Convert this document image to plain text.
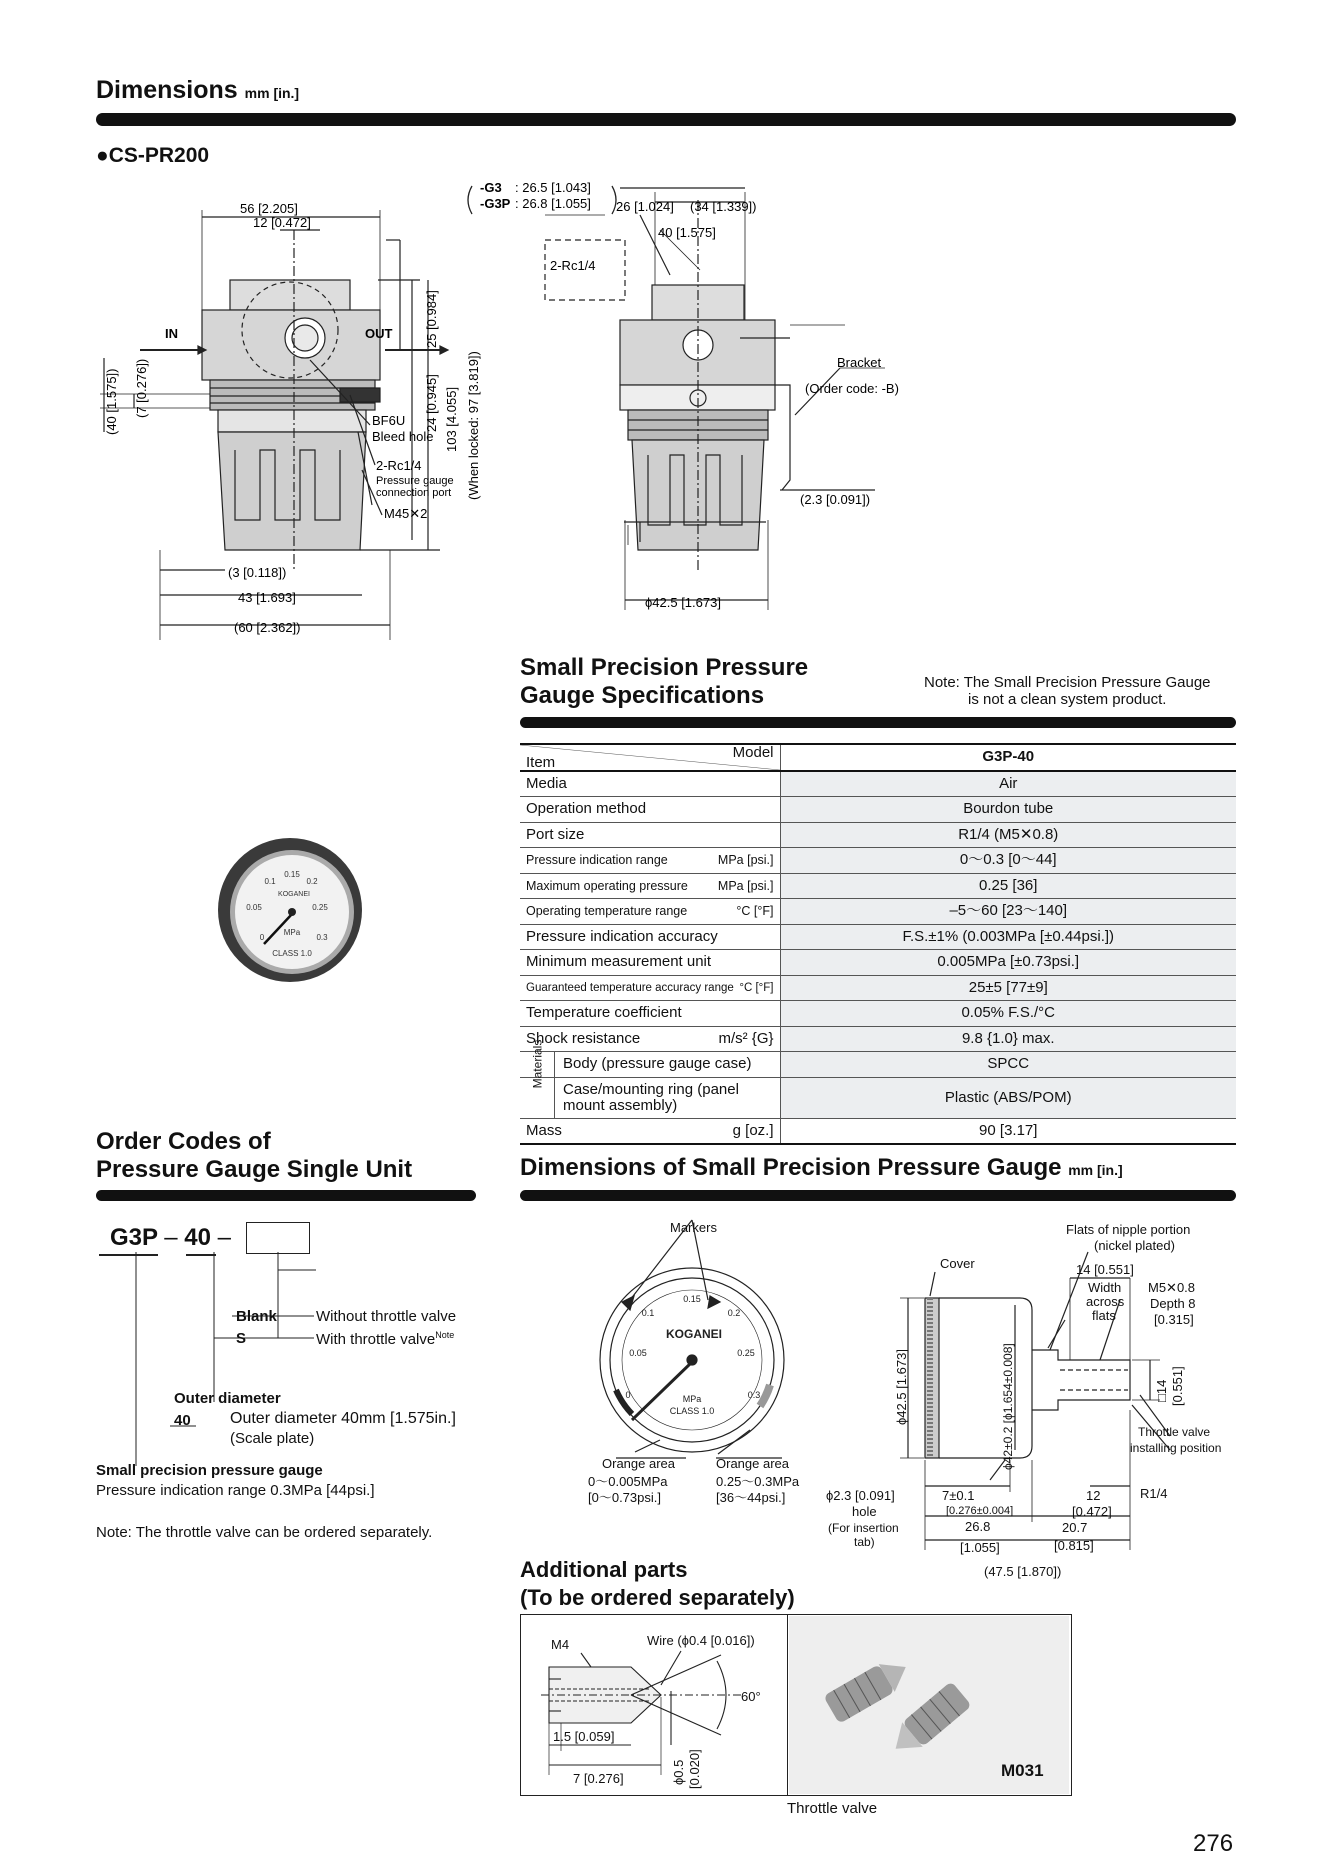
Dimensions mm [in.]
●CS-PR200
-G3 : 26.5 [1.043]
-G3P : 26.8 [1.055]
56 [2.205]
12 [0.472]
IN	OUT 25 [0.984]
24 [0.945] 103 [4.055] (When locked: 97 [3.819])
(40 [1.575]) (7 [0.276])
BF6U
Bleed hole
2-Rc1/4
Pressure gauge
connection port
M45✕2
(3 [0.118])
43 [1.693]
(60 [2.362])
26 [1.024] (34 [1.339])
40 [1.575]
2-Rc1/4
Bracket
(Order code: -B)
(2.3 [0.091])
ϕ42.5 [1.673]
0.15
0.1	0.2
0.05	0.25
0	0.3
MPa
CLASS 1.0
KOGANEI
Small Precision Pressure
Gauge Specifications	Note: The Small Precision Pressure Gauge
is not a clean system product.
Item
Model	G3P-40
Media	Air
Operation method	Bourdon tube
Port size	R1/4 (M5✕0.8)
Pressure indication range MPa [psi.]	0～0.3 [0～44]
Maximum operating pressure MPa [psi.]	0.25 [36]
Operating temperature range °C [°F]	–5～60 [23～140]
Pressure indication accuracy	F.S.±1% (0.003MPa [±0.44psi.])
Minimum measurement unit	0.005MPa [±0.73psi.]
Guaranteed temperature accuracy range °C [°F]	25±5 [77±9]
Temperature coefficient	0.05% F.S./°C
Shock resistance m/s² {G}	9.8 {1.0} max.

Materials Body (pressure gauge case)	SPCC

Case/mounting ring (panel mount assembly)	Plastic (ABS/POM)
Mass g [oz.]	90 [3.17]
Order Codes of
Pressure Gauge Single Unit
G3P – 40 –
Blank	Without throttle valve
S	With throttle valve$^{Note}$
Outer diameter
40 Outer diameter 40mm [1.575in.]
(Scale plate)
Small precision pressure gauge
Pressure indication range 0.3MPa [44psi.]
Note: The throttle valve can be ordered separately.
Dimensions of Small Precision Pressure Gauge mm [in.]
0.15
0.1	0.2
0.05	0.25
0	0.3
MPa
CLASS 1.0
KOGANEI
Markers
Orange area
0～0.005MPa
[0～0.73psi.]
Orange area
0.25～0.3MPa
[36～44psi.]
Cover
Flats of nipple portion
(nickel plated)
14 [0.551]
Width
across
flats
M5✕0.8
Depth 8
[0.315]
ϕ42.5 [1.673]	ϕ42±0.2 [ϕ1.654±0.008]	□14 [0.551]
Throttle valve
installing position
R1/4
ϕ2.3 [0.091]
hole
(For insertion
tab)
7±0.1
[0.276±0.004]
26.8
[1.055]
12
[0.472]
20.7
[0.815]
(47.5 [1.870])
Additional parts
(To be ordered separately)
M4	Wire (ϕ0.4 [0.016])
60°
1.5 [0.059]
7 [0.276]	ϕ0.5 [0.020]	M031
Throttle valve
276
